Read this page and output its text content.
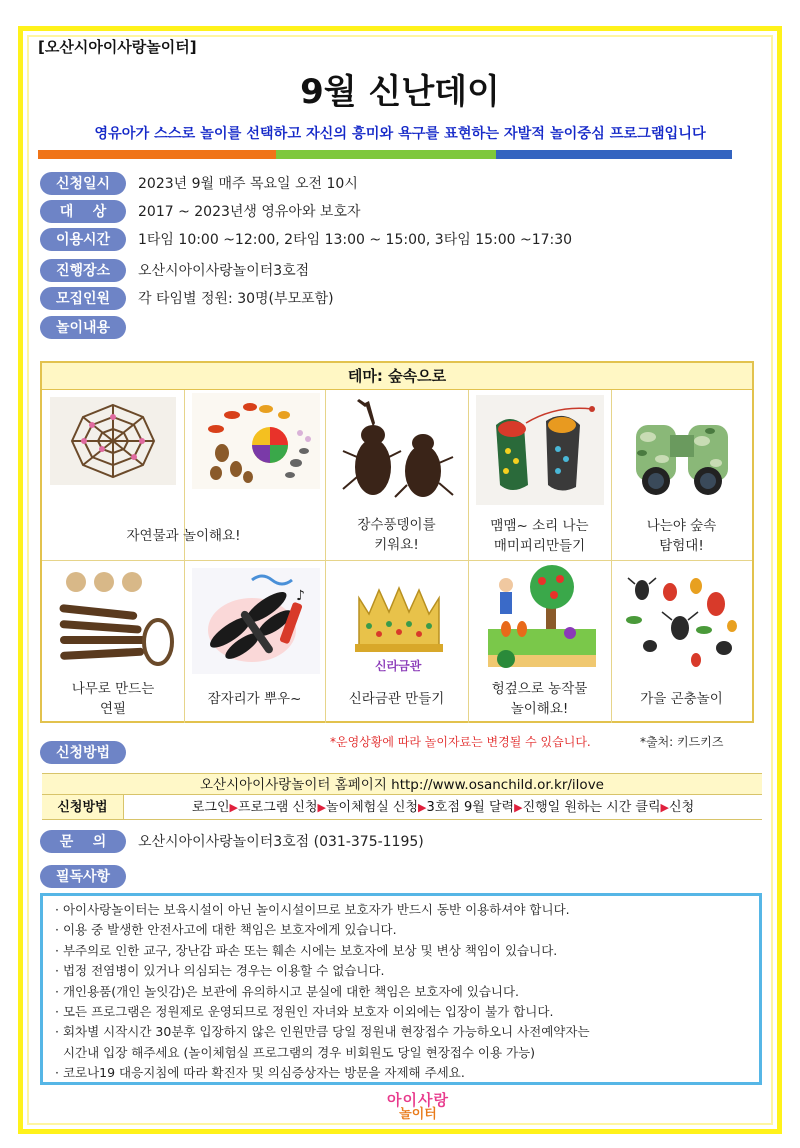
[오산시아이사랑놀이터]
9월 신난데이
영유아가 스스로 놀이를 선택하고 자신의 흥미와 욕구를 표현하는 자발적 놀이중심 프로그램입니다
신청일시	2023년 9월 매주 목요일 오전 10시
대    상	2017 ~ 2023년생 영유아와 보호자
이용시간	1타임 10:00 ~12:00, 2타임 13:00 ~ 15:00, 3타임 15:00 ~17:30
진행장소	오산시아이사랑놀이터3호점
모집인원	각 타임별 정원: 30명(부모포함)
놀이내용
테마: 숲속으로
자연물과 놀이해요!
장수풍뎅이를
키워요!
맴맴~ 소리 나는
매미피리만들기
나는야 숲속
탐험대!
♪
신라금관
나무로 만드는
연필
잠자리가 뿌우~	신라금관 만들기
헝겊으로 농작물
놀이해요!
가을 곤충놀이
*운영상황에 따라 놀이자료는 변경될 수 있습니다.	*출처: 키드키즈
신청방법
오산시아이사랑놀이터 홈페이지 http://www.osanchild.or.kr/ilove
신청방법	로그인▶프로그램 신청▶놀이체험실 신청▶3호점 9월 달력▶진행일 원하는 시간 클릭▶신청
문    의	오산시아이사랑놀이터3호점 (031-375-1195)
필독사항
· 아이사랑놀이터는 보육시설이 아닌 놀이시설이므로 보호자가 반드시 동반 이용하셔야 합니다.
· 이용 중 발생한 안전사고에 대한 책임은 보호자에게 있습니다.
· 부주의로 인한 교구, 장난감 파손 또는 훼손 시에는 보호자에 보상 및 변상 책임이 있습니다.
· 법정 전염병이 있거나 의심되는 경우는 이용할 수 없습니다.
· 개인용품(개인 놀잇감)은 보관에 유의하시고 분실에 대한 책임은 보호자에 있습니다.
· 모든 프로그램은 정원제로 운영되므로 정원인 자녀와 보호자 이외에는 입장이 불가 합니다.
· 회차별 시작시간 30분후 입장하지 않은 인원만큼 당일 정원내 현장접수 가능하오니 사전예약자는
시간내 입장 해주세요 (놀이체험실 프로그램의 경우 비회원도 당일 현장접수 이용 가능)
· 코로나19 대응지침에 따라 확진자 및 의심증상자는 방문을 자제해 주세요.
아이사랑
놀이터
